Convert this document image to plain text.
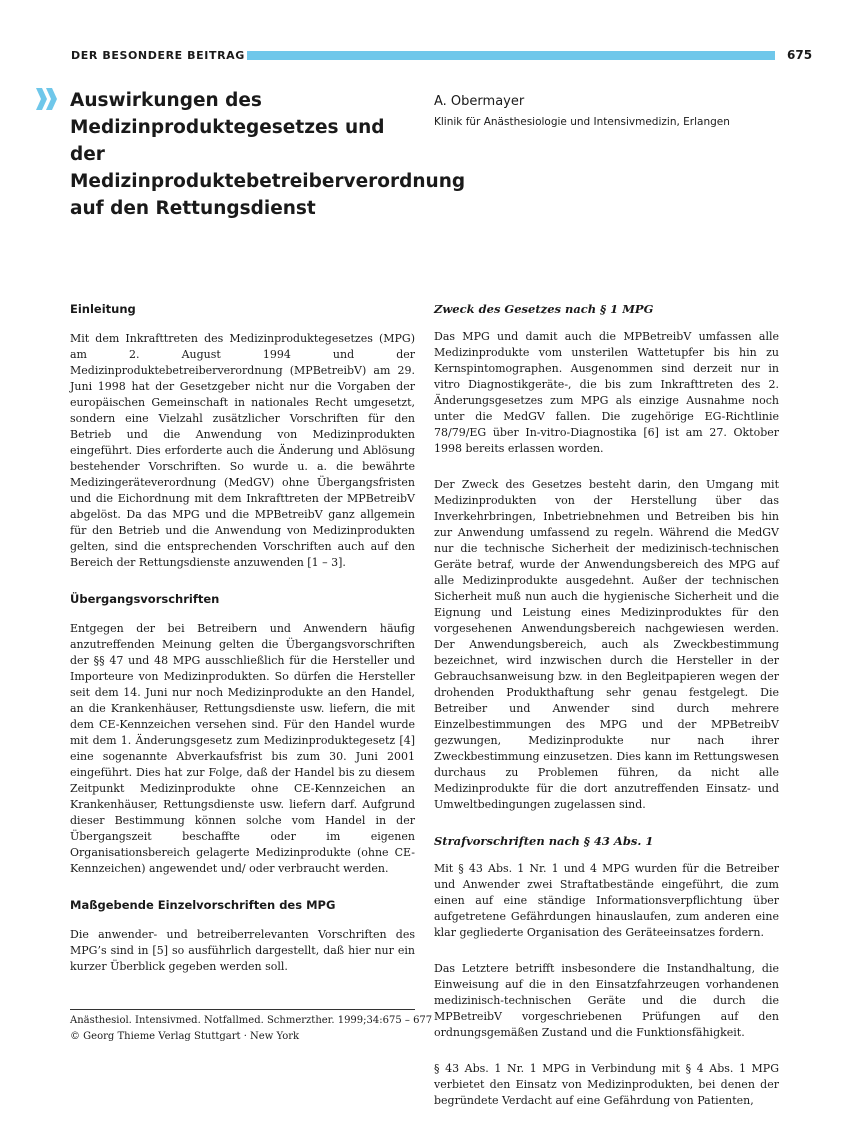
DER BESONDERE BEITRAG	675
Auswirkungen des Medizinproduktegesetzes und der Medizinproduktebetreiberverordnung auf den Rettungsdienst
A. Obermayer
Klinik für Anästhesiologie und Intensivmedizin, Erlangen
Einleitung

Mit dem Inkrafttreten des Medizinproduktegesetzes (MPG) am 2. August 1994 und der Medizinproduktebetreiberverordnung (MPBetreibV) am 29. Juni 1998 hat der Gesetzgeber nicht nur die Vorgaben der europäischen Gemeinschaft in nationales Recht umgesetzt, sondern eine Vielzahl zusätzlicher Vorschriften für den Betrieb und die Anwendung von Medizinprodukten eingeführt. Dies erforderte auch die Änderung und Ablösung bestehender Vorschriften. So wurde u. a. die bewährte Medizingeräteverordnung (MedGV) ohne Übergangsfristen und die Eichordnung mit dem Inkrafttreten der MPBetreibV abgelöst. Da das MPG und die MPBetreibV ganz allgemein für den Betrieb und die Anwendung von Medizinprodukten gelten, sind die entsprechenden Vorschriften auch auf den Bereich der Rettungsdienste anzuwenden [1 – 3].

Übergangsvorschriften

Entgegen der bei Betreibern und Anwendern häufig anzutreffenden Meinung gelten die Übergangsvorschriften der §§ 47 und 48 MPG ausschließlich für die Hersteller und Importeure von Medizinprodukten. So dürfen die Hersteller seit dem 14. Juni nur noch Medizinprodukte an den Handel, an die Krankenhäuser, Rettungsdienste usw. liefern, die mit dem CE-Kennzeichen versehen sind. Für den Handel wurde mit dem 1. Änderungsgesetz zum Medizinproduktegesetz [4] eine sogenannte Abverkaufsfrist bis zum 30. Juni 2001 eingeführt. Dies hat zur Folge, daß der Handel bis zu diesem Zeitpunkt Medizinprodukte ohne CE-Kennzeichen an Krankenhäuser, Rettungsdienste usw. liefern darf. Aufgrund dieser Bestimmung können solche vom Handel in der Übergangszeit beschaffte oder im eigenen Organisationsbereich gelagerte Medizinprodukte (ohne CE-Kennzeichen) angewendet und/ oder verbraucht werden.

Maßgebende Einzelvorschriften des MPG

Die anwender- und betreiberrelevanten Vorschriften des MPG’s sind in [5] so ausführlich dargestellt, daß hier nur ein kurzer Überblick gegeben werden soll.

Zweck des Gesetzes nach § 1 MPG

Das MPG und damit auch die MPBetreibV umfassen alle Medizinprodukte vom unsterilen Wattetupfer bis hin zu Kernspintomographen. Ausgenommen sind derzeit nur in vitro Diagnostikgeräte-, die bis zum Inkrafttreten des 2. Änderungsgesetzes zum MPG als einzige Ausnahme noch unter die MedGV fallen. Die zugehörige EG-Richtlinie 78/79/EG über In-vitro-Diagnostika [6] ist am 27. Oktober 1998 bereits erlassen worden.

Der Zweck des Gesetzes besteht darin, den Umgang mit Medizinprodukten von der Herstellung über das Inverkehrbringen, Inbetriebnehmen und Betreiben bis hin zur Anwendung umfassend zu regeln. Während die MedGV nur die technische Sicherheit der medizinisch-technischen Geräte betraf, wurde der Anwendungsbereich des MPG auf alle Medizinprodukte ausgedehnt. Außer der technischen Sicherheit muß nun auch die hygienische Sicherheit und die Eignung und Leistung eines Medizinproduktes für den vorgesehenen Anwendungsbereich nachgewiesen werden. Der Anwendungsbereich, auch als Zweckbestimmung bezeichnet, wird inzwischen durch die Hersteller in der Gebrauchsanweisung bzw. in den Begleitpapieren wegen der drohenden Produkthaftung sehr genau festgelegt. Die Betreiber und Anwender sind durch mehrere Einzelbestimmungen des MPG und der MPBetreibV gezwungen, Medizinprodukte nur nach ihrer Zweckbestimmung einzusetzen. Dies kann im Rettungswesen durchaus zu Problemen führen, da nicht alle Medizinprodukte für die dort anzutreffenden Einsatz- und Umweltbedingungen zugelassen sind.

Strafvorschriften nach § 43 Abs. 1

Mit § 43 Abs. 1 Nr. 1 und 4 MPG wurden für die Betreiber und Anwender zwei Straftatbestände eingeführt, die zum einen auf eine ständige Informationsverpflichtung über aufgetretene Gefährdungen hinauslaufen, zum anderen eine klar gegliederte Organisation des Geräteeinsatzes fordern.

Das Letztere betrifft insbesondere die Instandhaltung, die Einweisung auf die in den Einsatzfahrzeugen vorhandenen medizinisch-technischen Geräte und die durch die MPBetreibV vorgeschriebenen Prüfungen auf den ordnungsgemäßen Zustand und die Funktionsfähigkeit.

§ 43 Abs. 1 Nr. 1 MPG in Verbindung mit § 4 Abs. 1 MPG verbietet den Einsatz von Medizinprodukten, bei denen der begründete Verdacht auf eine Gefährdung von Patienten,

Anästhesiol. Intensivmed. Notfallmed. Schmerzther. 1999;34:675 – 677
© Georg Thieme Verlag Stuttgart · New York
